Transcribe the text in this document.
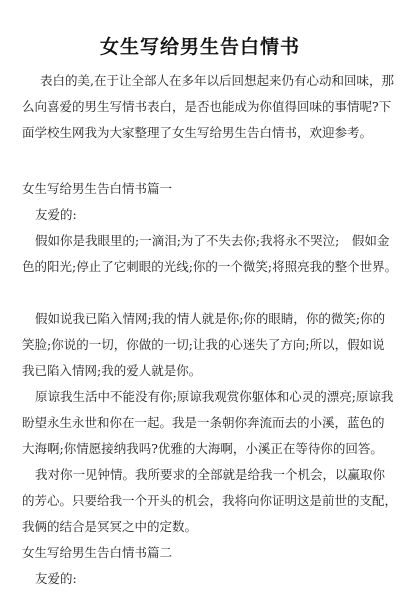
女生写给男生告白情书
表白的美,在于让全部人在多年以后回想起来仍有心动和回味，那
么向喜爱的男生写情书表白，是否也能成为你值得回味的事情呢?下
面学校生网我为大家整理了女生写给男生告白情书，欢迎参考。
女生写给男生告白情书篇一
友爱的:
假如你是我眼里的;一滴泪;为了不失去你;我将永不哭泣;　假如金
色的阳光;停止了它刺眼的光线;你的一个微笑;将照亮我的整个世界。
假如说我已陷入情网;我的情人就是你;你的眼睛，你的微笑;你的
笑脸;你说的一切，你做的一切;让我的心迷失了方向;所以，假如说
我已陷入情网;我的爱人就是你。
原谅我生活中不能没有你;原谅我观赏你躯体和心灵的漂亮;原谅我
盼望永生永世和你在一起。我是一条朝你奔流而去的小溪，蓝色的
大海啊;你情愿接纳我吗?优雅的大海啊，小溪正在等待你的回答。
我对你一见钟情。我所要求的全部就是给我一个机会，以赢取你
的芳心。只要给我一个开头的机会，我将向你证明这是前世的支配，
我俩的结合是冥冥之中的定数。
女生写给男生告白情书篇二
友爱的:
